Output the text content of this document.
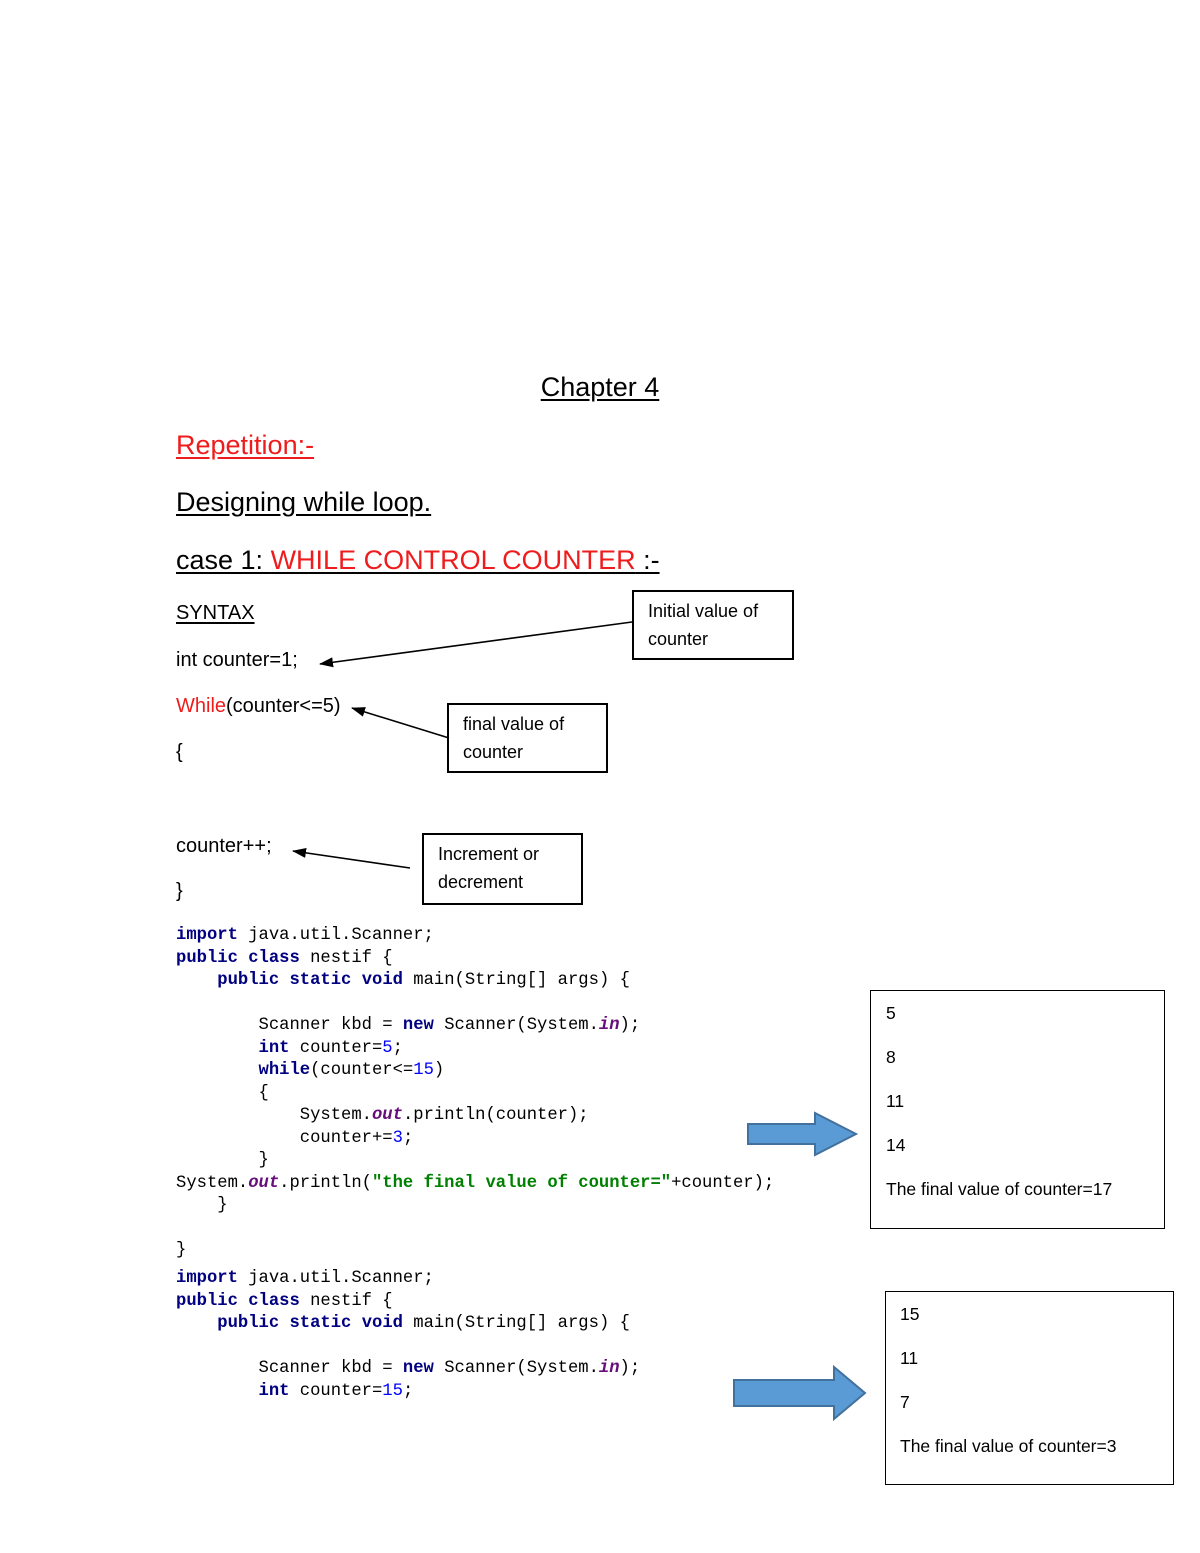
Chapter 4
Repetition:-
Designing while loop.
case 1: WHILE CONTROL COUNTER :-
SYNTAX
int counter=1;
While(counter<=5)
{
counter++;
}
Initial value of
counter
final value of
counter
Increment or
decrement
import java.util.Scanner;
public class nestif {
public static void main(String[] args) {

Scanner kbd = new Scanner(System.in);
int counter=5;
while(counter<=15)
{
System.out.println(counter);
counter+=3;
}
System.out.println("the final value of counter="+counter);
}

}
import java.util.Scanner;
public class nestif {
public static void main(String[] args) {

Scanner kbd = new Scanner(System.in);
int counter=15;
5
8
11
14
The final value of counter=17
15
11
7
The final value of counter=3
